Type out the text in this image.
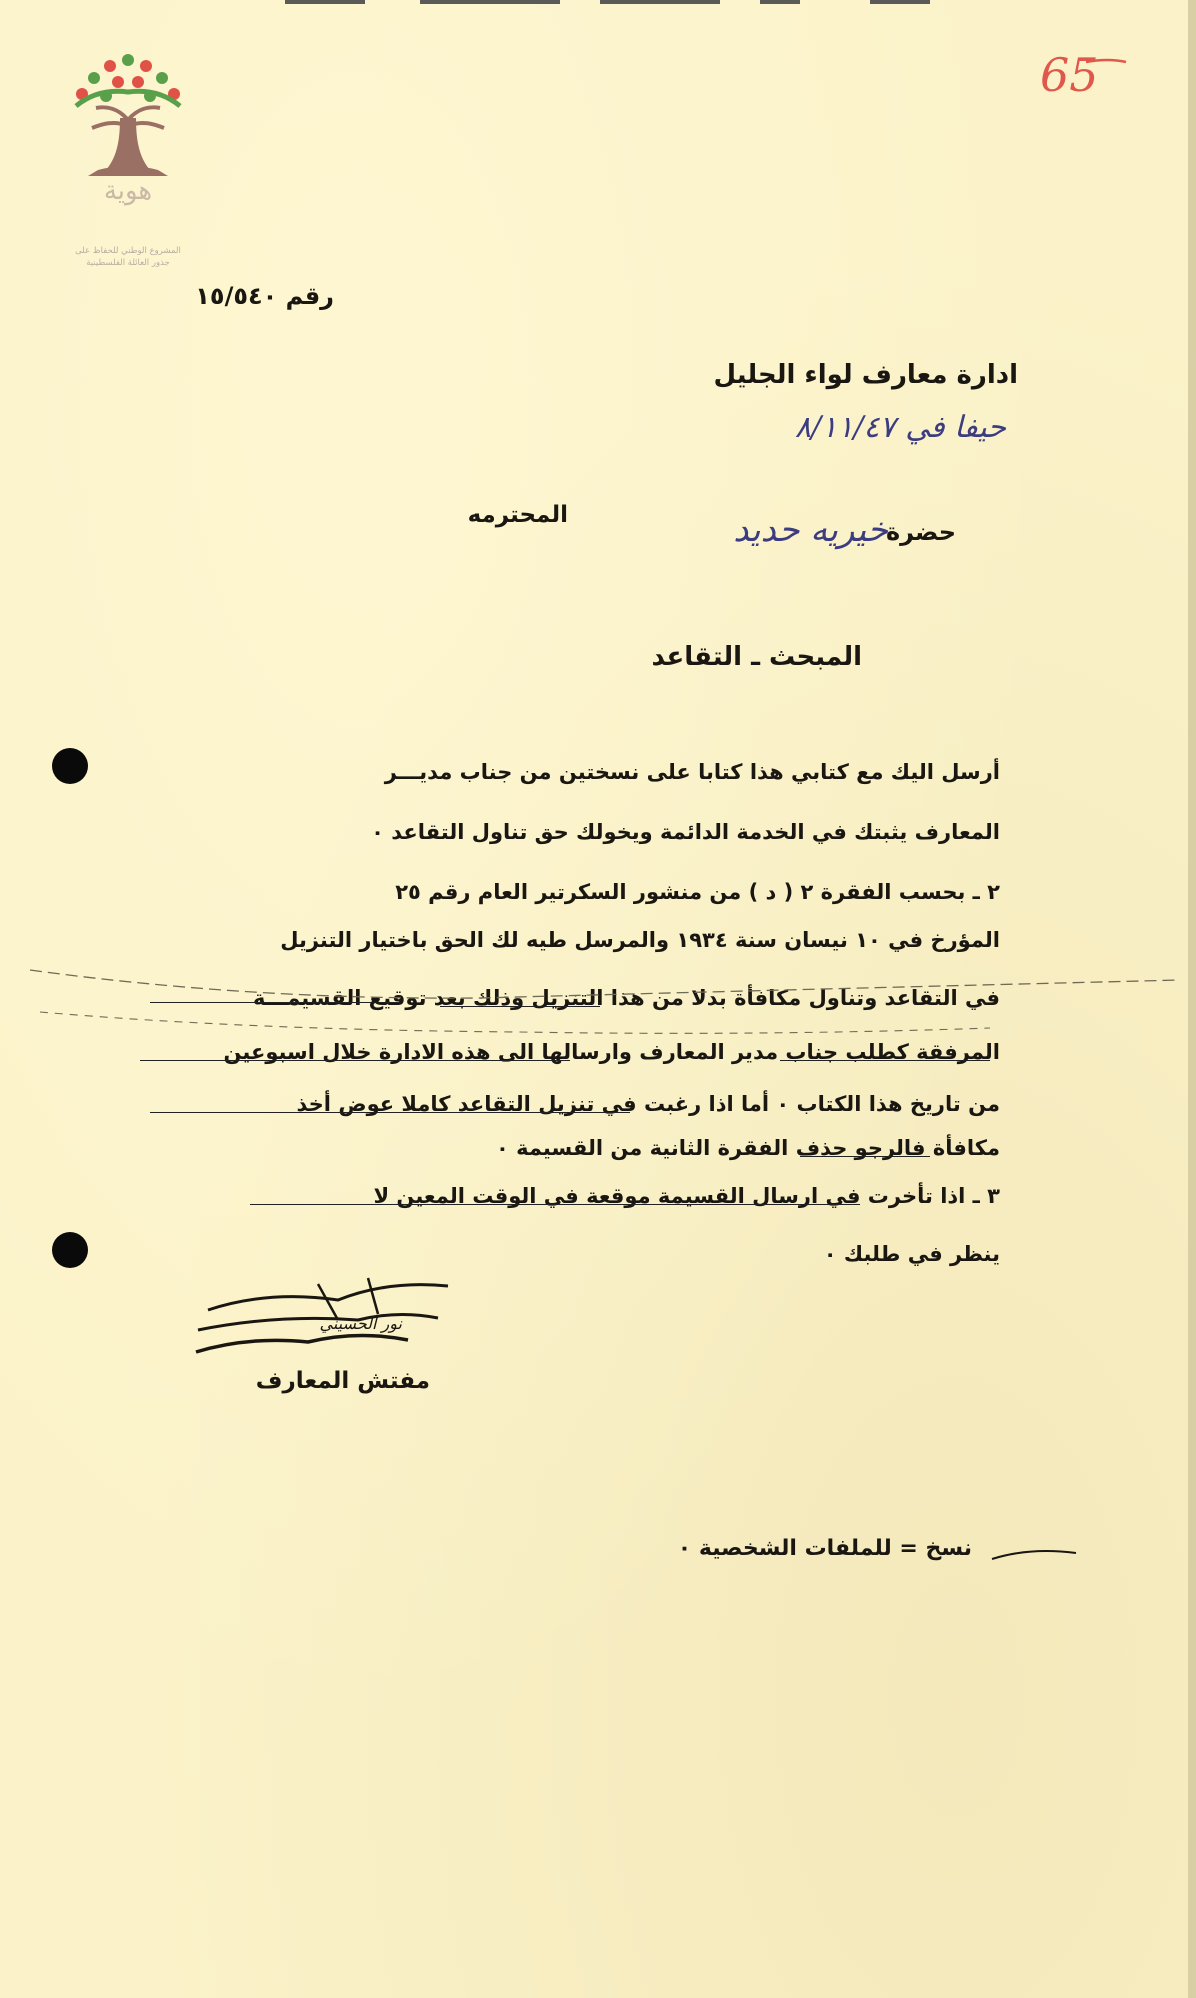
هوية
المشروع الوطني للحفاظ على
جذور العائلة الفلسطينية
65
رقم ١٥/٥٤٠
ادارة معارف لواء الجليل
حيفا في ٨/١١/٤٧
حضرة
خيريه حديد
المحترمه
المبحث ـ التقاعد
أرسل اليك مع كتابي هذا كتابا على نسختين من جناب مديـــر
المعارف يثبتك في الخدمة الدائمة ويخولك حق تناول التقاعد ٠
٢ ـ بحسب الفقرة ٢ ( د ) من منشور السكرتير العام رقم ٢٥
المؤرخ في ١٠ نيسان سنة ١٩٣٤ والمرسل طيه لك الحق باختيار التنزيل
في التقاعد وتناول مكافأة بدلا من هذا التنزيل وذلك بعد توقيع القسيمـــة
المرفقة كطلب جناب مدير المعارف وارسالها الى هذه الادارة خلال اسبوعين
من تاريخ هذا الكتاب ٠ أما اذا رغبت في تنزيل التقاعد كاملا عوض أخذ
مكافأة فالرجو حذف الفقرة الثانية من القسيمة ٠
٣ ـ اذا تأخرت في ارسال القسيمة موقعة في الوقت المعين لا
ينظر في طلبك ٠
نور الحسيني
مفتش المعارف
نسخ = للملفات الشخصية ٠
